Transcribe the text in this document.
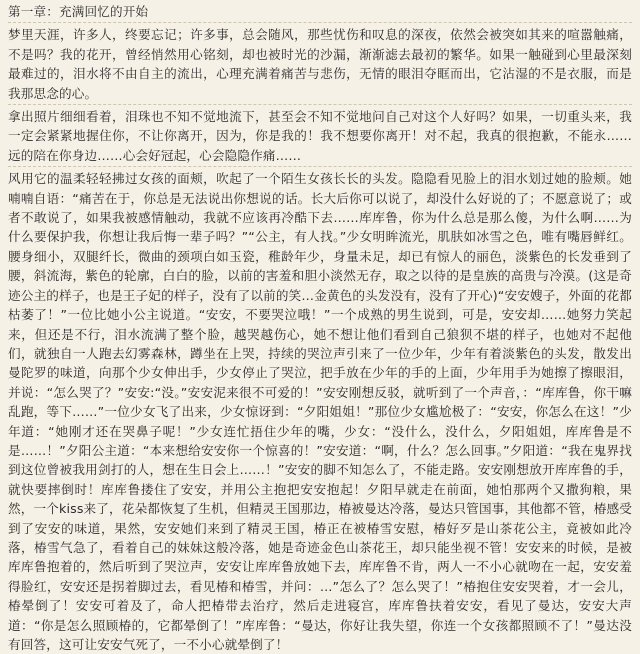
第一章：充满回忆的开始

梦里天涯，许多人，终要忘记；许多事，总会随风，那些忧伤和叹息的深夜，依然会被突如其来的喧嚣触痛，不是吗？我的花开，曾经悄然用心铭刻，却也被时光的沙漏，渐渐滤去最初的繁华。如果一触碰到心里最深刻最难过的，泪水将不由自主的流出，心理充满着痛苦与悲伤，无情的眼泪夺眶而出，它沾湿的不是衣服，而是我那思念的心。

拿出照片细细看着，泪珠也不知不觉地流下，甚至会不知不觉地问自己对这个人好吗？如果，一切重头来，我一定会紧紧地握住你，不让你离开，因为，你是我的！我不想要你离开！对不起，我真的很抱歉，不能永……远的陪在你身边……心会好冠起，心会隐隐作痛……

风用它的温柔轻轻拂过女孩的面颊，吹起了一个陌生女孩长长的头发。隐隐看见脸上的泪水划过她的脸颊。她喃喃自语：“痛苦在于，你总是无法说出你想说的话。长大后你可以说了，却没什么好说的了；不愿意说了；或者不敢说了，如果我被感情触动，我就不应该再冷酷下去……库库鲁，你为什么总是那么傻，为什么啊……为什么要保护我，你想让我后悔一辈子吗？”“公主，有人找。”少女明眸流光，肌肤如冰雪之色，唯有嘴唇鲜红。腰身细小，双腿纤长，微曲的颈项白如玉瓷，稚龄年少，身量未足，却已有惊人的丽色，淡紫色的长发垂到了腰，斜流海，紫色的轮廓，白白的脸，以前的害羞和胆小淡然无存，取之以待的是皇族的高贵与冷漠。(这是奇迹公主的样子，也是王子妃的样子，没有了以前的笑…金黄色的头发没有，没有了开心)“安安嫂子，外面的花都枯萎了！”一位比她小公主说道。“安安，不要哭泣哦！”一个成熟的男生说到，可是，安安却……她努力笑起来，但还是不行，泪水流满了整个脸，越哭越伤心，她不想让他们看到自己狼狈不堪的样子，也她对不起他们，就独自一人跑去幻雾森林，蹲坐在上哭，持续的哭泣声引来了一位少年，少年有着淡紫色的头发，散发出曼陀罗的味道，向那个少女伸出手，少女停止了哭泣，把手放在少年的手的上面，少年用手为她擦了擦眼泪，并说：“怎么哭了？”安安:“没。”安安泥来很不可爱的！”安安刚想反驳，就听到了一个声音，：“库库鲁，你干嘛乱跑，等下……”一位少女飞了出来，少女惊讶到：“夕阳姐姐！”那位少女尴尬极了：“安安，你怎么在这！”少年道：“她刚才还在哭鼻子呢！”少女连忙捂住少年的嘴，少女：“没什么，没什么，夕阳姐姐，库库鲁是不是……！”夕阳公主道：“本来想给安安你一个惊喜的！”安安道：“啊，什么？怎么回事。”夕阳道：“我在鬼界找到这位曾被我用剑打的人，想在生日会上……！”安安的脚不知怎么了，不能走路。安安刚想放开库库鲁的手，就快要摔倒时！库库鲁搂住了安安，并用公主抱把安安抱起！夕阳早就走在前面，她怕那两个又撒狗粮，果然，一个kiss来了，花朵都恢复了生机，但精灵王国那边，椿被曼达冷落，曼达只管国事，其他都不管，椿感受到了安安的味道，果然，安安她们来到了精灵王国，椿正在被椿雪安慰，椿好歹是山茶花公主，竟被如此冷落，椿雪气急了，看着自己的妹妹这般冷落，她是奇迹金色山茶花王，却只能坐视不管！安安来的时候，是被库库鲁抱着的，然后听到了哭泣声，安安让库库鲁放她下去，库库鲁不肯，两人一不小心就吻在一起，安安羞得脸红，安安还是拐着脚过去，看见椿和椿雪，并问：…”怎么了？怎么哭了！”椿抱住安安哭着，才一会儿，椿晕倒了！安安可着及了，命人把椿带去治疗，然后走进寝宫，库库鲁扶着安安，看见了曼达，安安大声道：“你是怎么照顾椿的，它都晕倒了！”库库鲁：“曼达，你好让我失望，你连一个女孩都照顾不了！”曼达没有回答，这可让安安气死了，一不小心就晕倒了！
